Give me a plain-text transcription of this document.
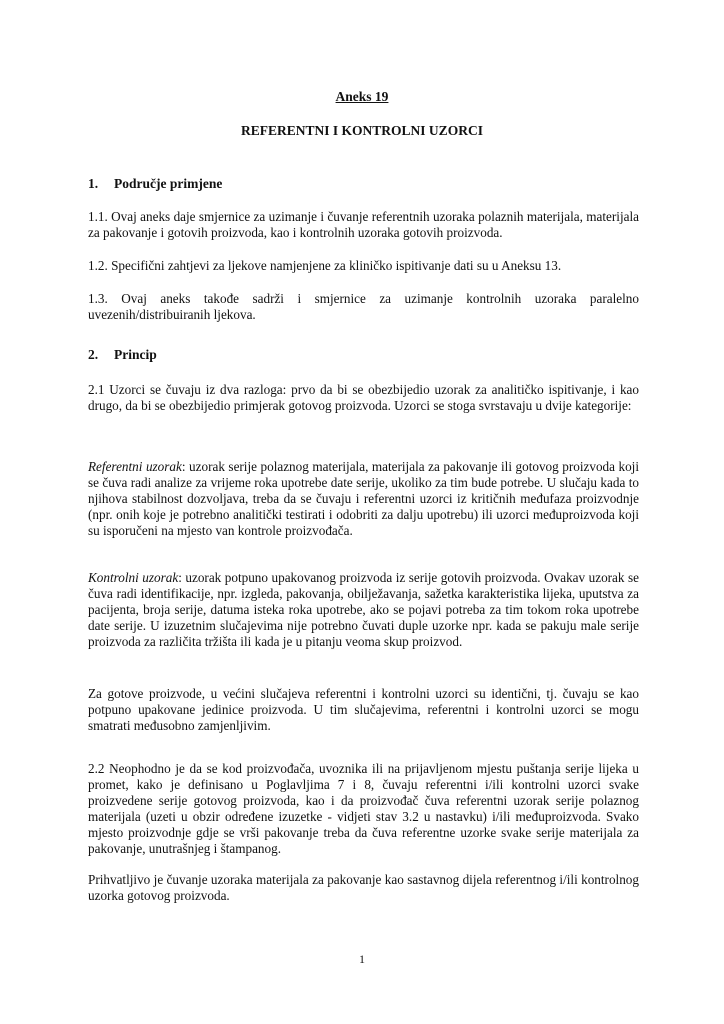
Aneks 19

REFERENTNI I KONTROLNI UZORCI

1. Područje primjene

1.1. Ovaj aneks daje smjernice za uzimanje i čuvanje referentnih uzoraka polaznih materijala, materijala za pakovanje i gotovih proizvoda, kao i kontrolnih uzoraka gotovih proizvoda.

1.2. Specifični zahtjevi za ljekove namjenjene za kliničko ispitivanje dati su u Aneksu 13.

1.3. Ovaj aneks takođe sadrži i smjernice za uzimanje kontrolnih uzoraka paralelno uvezenih/distribuiranih ljekova.

2. Princip

2.1 Uzorci se čuvaju iz dva razloga: prvo da bi se obezbijedio uzorak za analitičko ispitivanje, i kao drugo, da bi se obezbijedio primjerak gotovog proizvoda. Uzorci se stoga svrstavaju u dvije kategorije:

Referentni uzorak: uzorak serije polaznog materijala, materijala za pakovanje ili gotovog proizvoda koji se čuva radi analize za vrijeme roka upotrebe date serije, ukoliko za tim bude potrebe. U slučaju kada to njihova stabilnost dozvoljava, treba da se čuvaju i referentni uzorci iz kritičnih međufaza proizvodnje (npr. onih koje je potrebno analitički testirati i odobriti za dalju upotrebu) ili uzorci međuproizvoda koji su isporučeni na mjesto van kontrole proizvođača.

Kontrolni uzorak: uzorak potpuno upakovanog proizvoda iz serije gotovih proizvoda. Ovakav uzorak se čuva radi identifikacije, npr. izgleda, pakovanja, obilježavanja, sažetka karakteristika lijeka, uputstva za pacijenta, broja serije, datuma isteka roka upotrebe, ako se pojavi potreba za tim tokom roka upotrebe date serije. U izuzetnim slučajevima nije potrebno čuvati duple uzorke npr. kada se pakuju male serije proizvoda za različita tržišta ili kada je u pitanju veoma skup proizvod.

Za gotove proizvode, u većini slučajeva referentni i kontrolni uzorci su identični, tj. čuvaju se kao potpuno upakovane jedinice proizvoda. U tim slučajevima, referentni i kontrolni uzorci se mogu smatrati međusobno zamjenljivim.

2.2 Neophodno je da se kod proizvođača, uvoznika ili na prijavljenom mjestu puštanja serije lijeka u promet, kako je definisano u Poglavljima 7 i 8, čuvaju referentni i/ili kontrolni uzorci svake proizvedene serije gotovog proizvoda, kao i da proizvođač čuva referentni uzorak serije polaznog materijala (uzeti u obzir određene izuzetke - vidjeti stav 3.2 u nastavku) i/ili međuproizvoda. Svako mjesto proizvodnje gdje se vrši pakovanje treba da čuva referentne uzorke svake serije materijala za pakovanje, unutrašnjeg i štampanog.

Prihvatljivo je čuvanje uzoraka materijala za pakovanje kao sastavnog dijela referentnog i/ili kontrolnog uzorka gotovog proizvoda.

1
